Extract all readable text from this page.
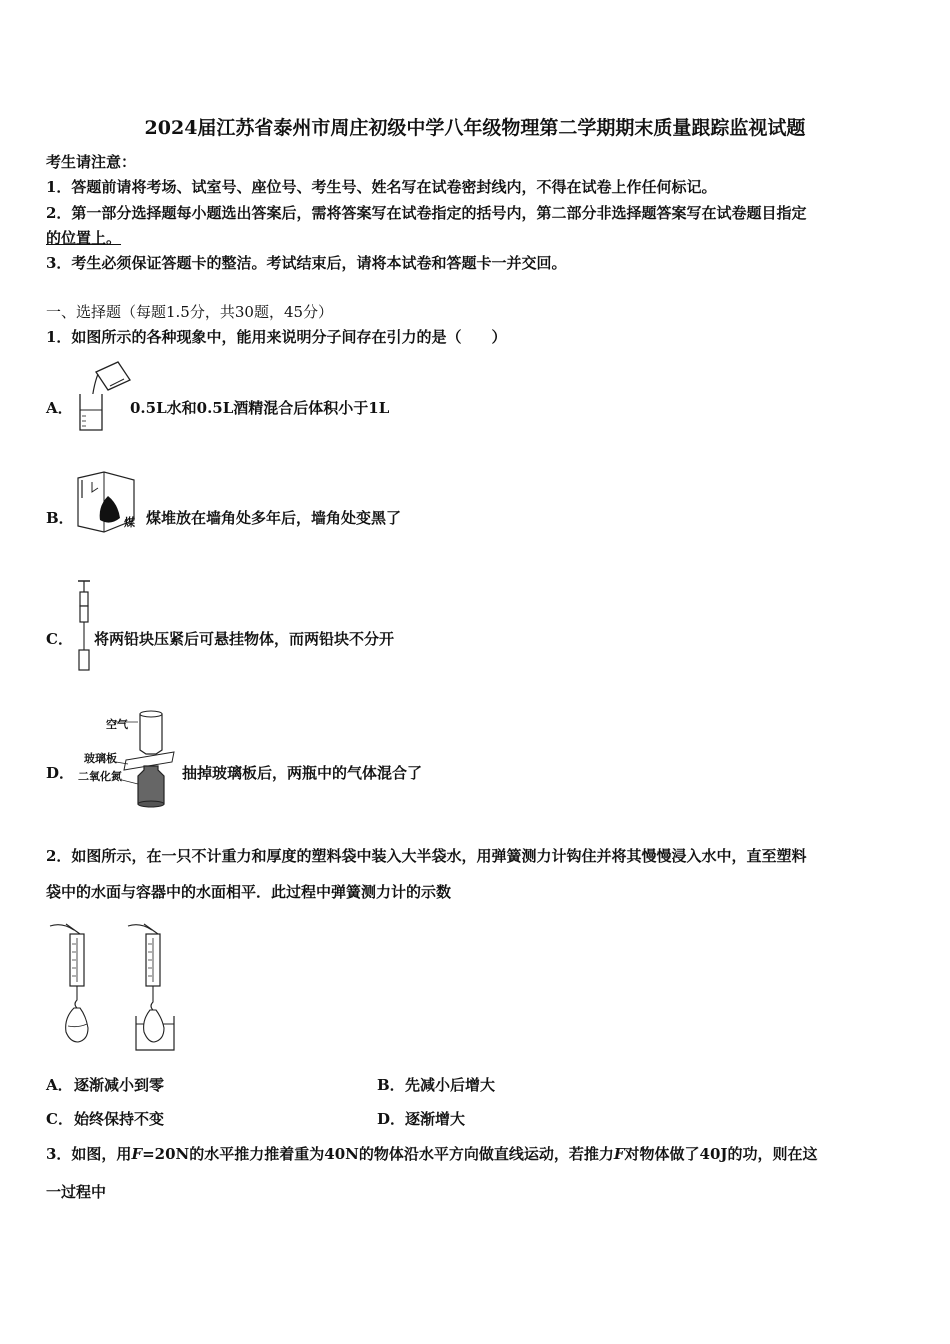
2024届江苏省泰州市周庄初级中学八年级物理第二学期期末质量跟踪监视试题
考生请注意：
1．答题前请将考场、试室号、座位号、考生号、姓名写在试卷密封线内，不得在试卷上作任何标记。
2．第一部分选择题每小题选出答案后，需将答案写在试卷指定的括号内，第二部分非选择题答案写在试卷题目指定
的位置上。
3．考生必须保证答题卡的整洁。考试结束后，请将本试卷和答题卡一并交回。
一、选择题（每题1.5分，共30题，45分）
1．如图所示的各种现象中，能用来说明分子间存在引力的是（　　）
A．	0.5L水和0.5L酒精混合后体积小于1L
B．	煤 煤堆放在墙角处多年后，墙角处变黑了
C． 将两铅块压紧后可悬挂物体，而两铅块不分开
D．
空气
玻璃板
二氧化氮	抽掉玻璃板后，两瓶中的气体混合了
2．如图所示，在一只不计重力和厚度的塑料袋中装入大半袋水，用弹簧测力计钩住并将其慢慢浸入水中，直至塑料
袋中的水面与容器中的水面相平．此过程中弹簧测力计的示数
A． 逐渐减小到零	B． 先减小后增大
C． 始终保持不变	D． 逐渐增大
3．如图，用F=20N的水平推力推着重为40N的物体沿水平方向做直线运动，若推力F对物体做了40J的功，则在这
一过程中
